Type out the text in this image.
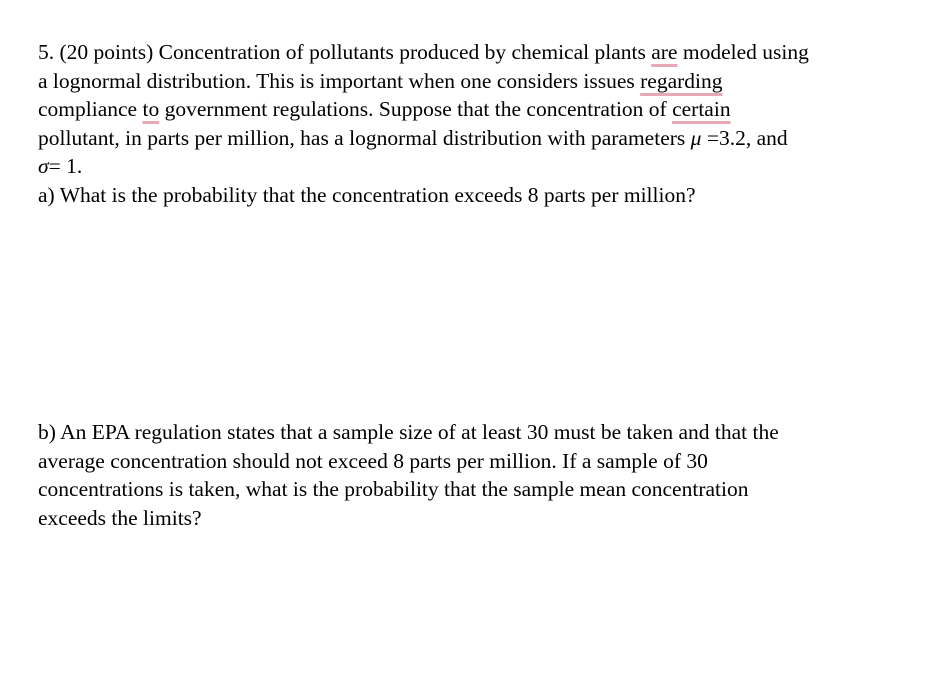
5. (20 points) Concentration of pollutants produced by chemical plants are modeled using
a lognormal distribution. This is important when one considers issues regarding
compliance to government regulations. Suppose that the concentration of certain
pollutant, in parts per million, has a lognormal distribution with parameters μ =3.2, and
σ= 1.
a) What is the probability that the concentration exceeds 8 parts per million?
b) An EPA regulation states that a sample size of at least 30 must be taken and that the
average concentration should not exceed 8 parts per million. If a sample of 30
concentrations is taken, what is the probability that the sample mean concentration
exceeds the limits?
